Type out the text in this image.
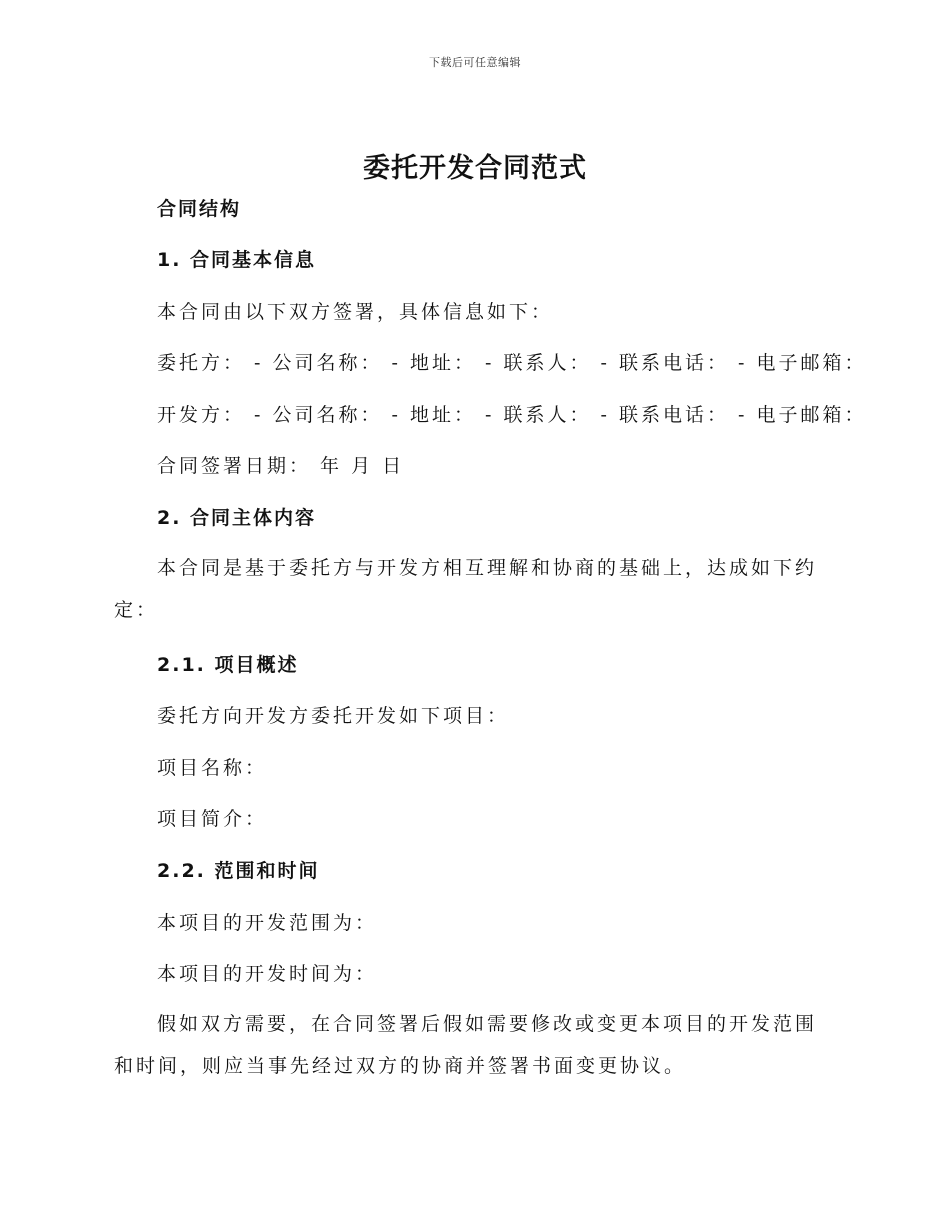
下载后可任意编辑
委托开发合同范式
合同结构
1. 合同基本信息
本合同由以下双方签署，具体信息如下：
委托方： - 公司名称： - 地址： - 联系人： - 联系电话： - 电子邮箱：
开发方： - 公司名称： - 地址： - 联系人： - 联系电话： - 电子邮箱：
合同签署日期： 年 月 日
2. 合同主体内容
本合同是基于委托方与开发方相互理解和协商的基础上，达成如下约定：
2.1. 项目概述
委托方向开发方委托开发如下项目：
项目名称：
项目简介：
2.2. 范围和时间
本项目的开发范围为：
本项目的开发时间为：
假如双方需要，在合同签署后假如需要修改或变更本项目的开发范围和时间，则应当事先经过双方的协商并签署书面变更协议。
